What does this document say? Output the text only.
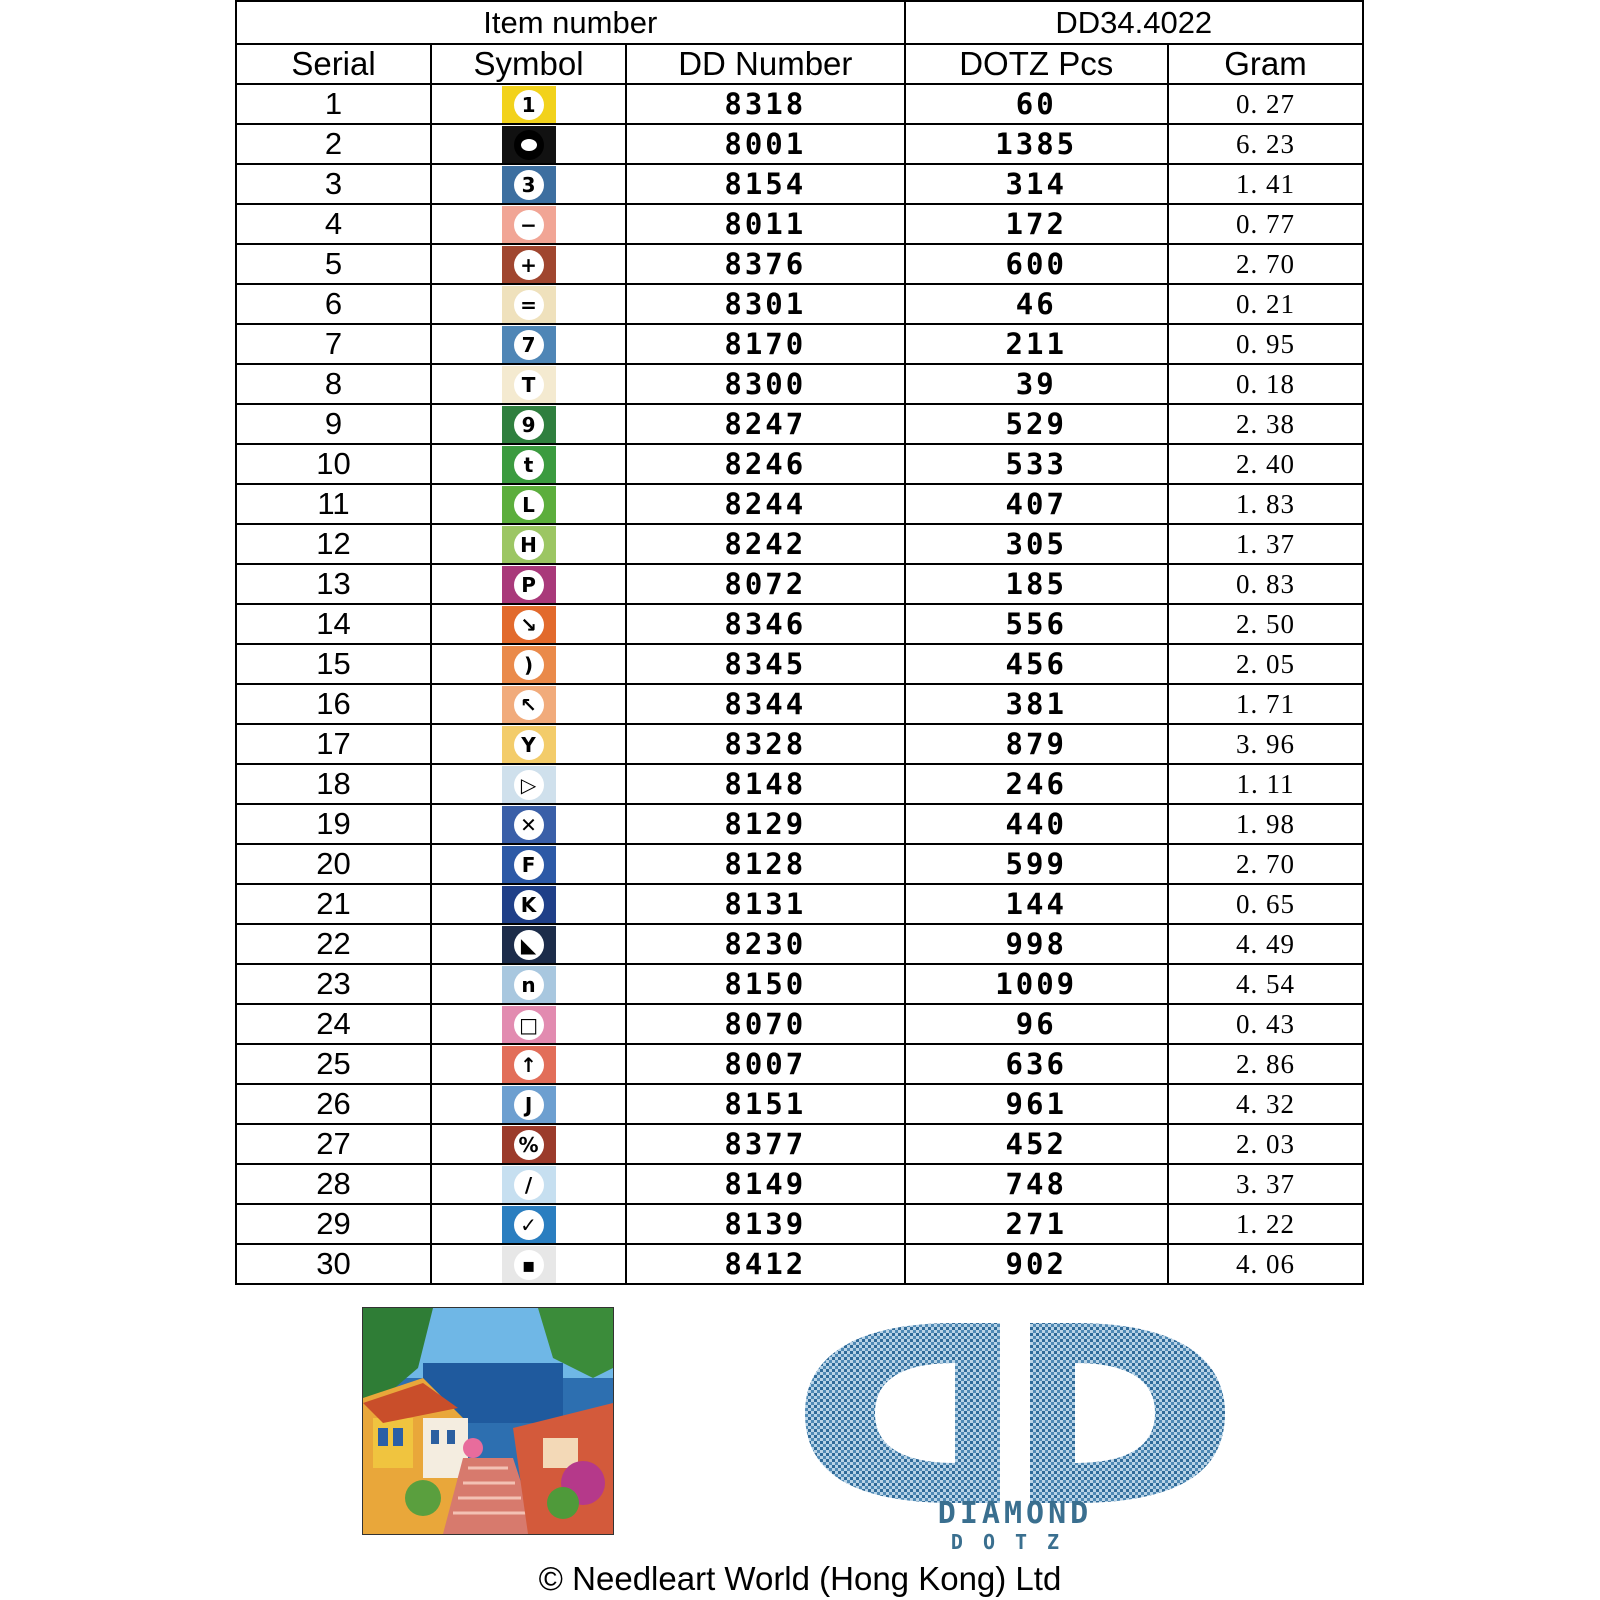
Item number			DD34.4022	
Serial	Symbol	DD Number	DOTZ Pcs	Gram
1	1	8318	60	0. 27
2		8001	1385	6. 23
3	3	8154	314	1. 41
4	−	8011	172	0. 77
5	+	8376	600	2. 70
6	=	8301	46	0. 21
7	7	8170	211	0. 95
8	T	8300	39	0. 18
9	9	8247	529	2. 38
10	t	8246	533	2. 40
11	L	8244	407	1. 83
12	H	8242	305	1. 37
13	P	8072	185	0. 83
14	↘	8346	556	2. 50
15	)	8345	456	2. 05
16	↖	8344	381	1. 71
17	Y	8328	879	3. 96
18	▷	8148	246	1. 11
19	✕	8129	440	1. 98
20	F	8128	599	2. 70
21	K	8131	144	0. 65
22	◣	8230	998	4. 49
23	n	8150	1009	4. 54
24	□	8070	96	0. 43
25	↑	8007	636	2. 86
26	J	8151	961	4. 32
27	%	8377	452	2. 03
28	/	8149	748	3. 37
29	✓	8139	271	1. 22
30	▪	8412	902	4. 06
DIAMOND
DOTZ
© Needleart World (Hong Kong) Ltd
